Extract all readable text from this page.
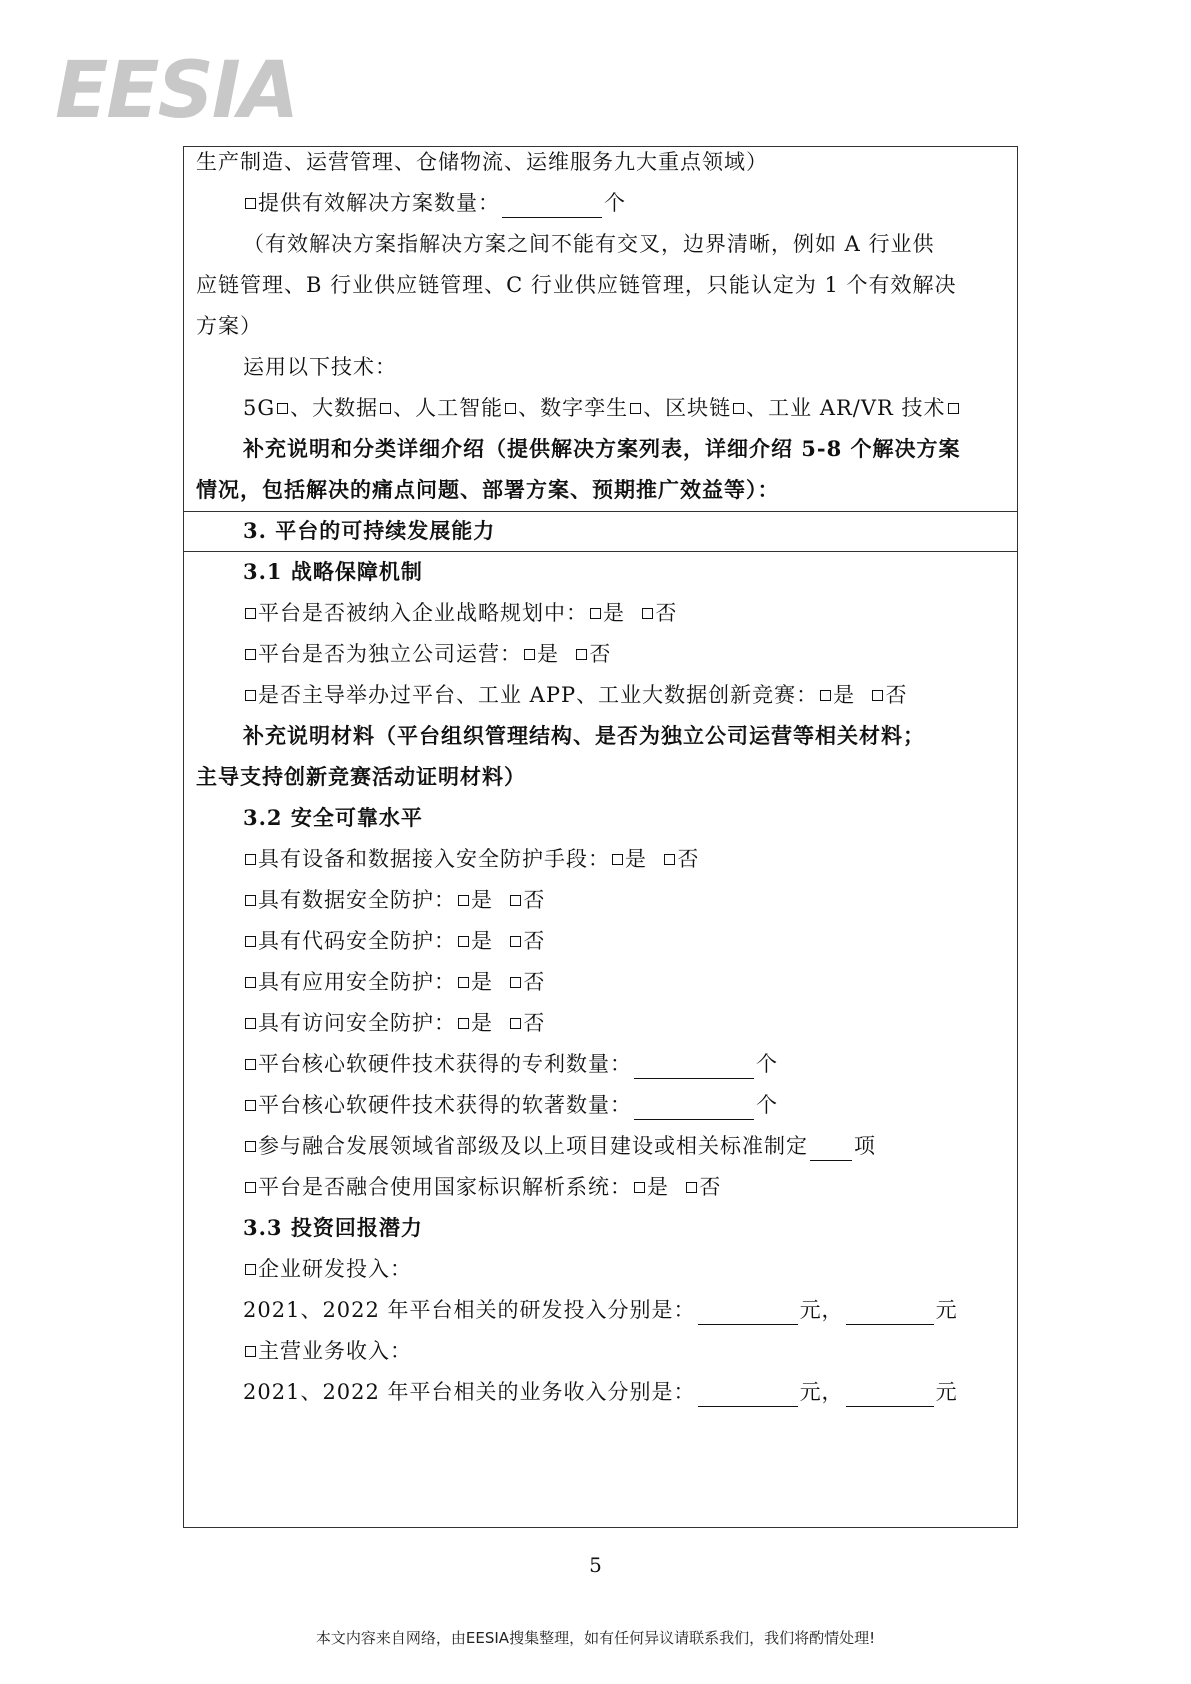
EESIA
生产制造、运营管理、仓储物流、运维服务九大重点领域）
提供有效解决方案数量：	个
（有效解决方案指解决方案之间不能有交叉，边界清晰，例如 A 行业供
应链管理、B 行业供应链管理、C 行业供应链管理，只能认定为 1 个有效解决
方案）
运用以下技术：
5G 、大数据 、人工智能 、数字孪生 、区块链 、工业 AR/VR 技术
补充说明和分类详细介绍（提供解决方案列表，详细介绍 5-8 个解决方案
情况，包括解决的痛点问题、部署方案、预期推广效益等）：
3. 平台的可持续发展能力
3.1 战略保障机制
平台是否被纳入企业战略规划中： 是 否
平台是否为独立公司运营： 是 否
是否主导举办过平台、工业 APP、工业大数据创新竞赛： 是 否
补充说明材料（平台组织管理结构、是否为独立公司运营等相关材料；
主导支持创新竞赛活动证明材料）
3.2 安全可靠水平
具有设备和数据接入安全防护手段： 是 否
具有数据安全防护： 是 否
具有代码安全防护： 是 否
具有应用安全防护： 是 否
具有访问安全防护： 是 否
平台核心软硬件技术获得的专利数量：	个
平台核心软硬件技术获得的软著数量：	个
参与融合发展领域省部级及以上项目建设或相关标准制定 项
平台是否融合使用国家标识解析系统： 是 否
3.3 投资回报潜力
企业研发投入：
2021、2022 年平台相关的研发投入分别是：	元，	元
主营业务收入：
2021、2022 年平台相关的业务收入分别是：	元，	元
5
本文内容来自网络，由EESIA搜集整理，如有任何异议请联系我们，我们将酌情处理!
